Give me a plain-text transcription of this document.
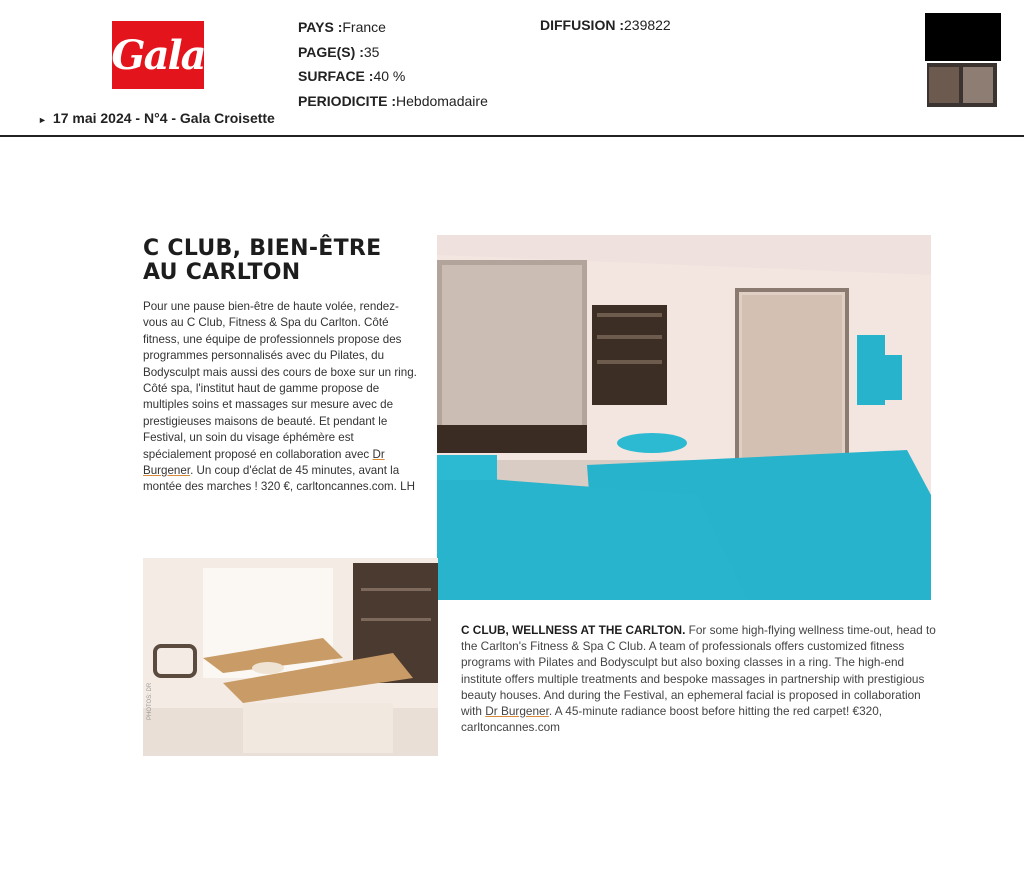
Gala
PAYS :France
PAGE(S) :35
SURFACE :40 %
PERIODICITE :Hebdomadaire
DIFFUSION :239822
► 17 mai 2024 - N°4 - Gala Croisette
C CLUB, BIEN-ÊTRE
AU CARLTON
Pour une pause bien-être de haute volée, rendez-vous au C Club, Fitness & Spa du Carlton. Côté fitness, une équipe de professionnels propose des programmes personnalisés avec du Pilates, du Bodysculpt mais aussi des cours de boxe sur un ring. Côté spa, l'institut haut de gamme propose de multiples soins et massages sur mesure avec de prestigieuses maisons de beauté. Et pendant le Festival, un soin du visage éphémère est spécialement proposé en collaboration avec Dr Burgener. Un coup d'éclat de 45 minutes, avant la montée des marches ! 320 €, carltoncannes.com. LH
PHOTOS: DR
C CLUB, WELLNESS AT THE CARLTON. For some high-flying wellness time-out, head to the Carlton's Fitness & Spa C Club. A team of professionals offers customized fitness programs with Pilates and Bodysculpt but also boxing classes in a ring. The high-end institute offers multiple treatments and bespoke massages in partnership with prestigious beauty houses. And during the Festival, an ephemeral facial is proposed in collaboration with Dr Burgener. A 45-minute radiance boost before hitting the red carpet! €320, carltoncannes.com
